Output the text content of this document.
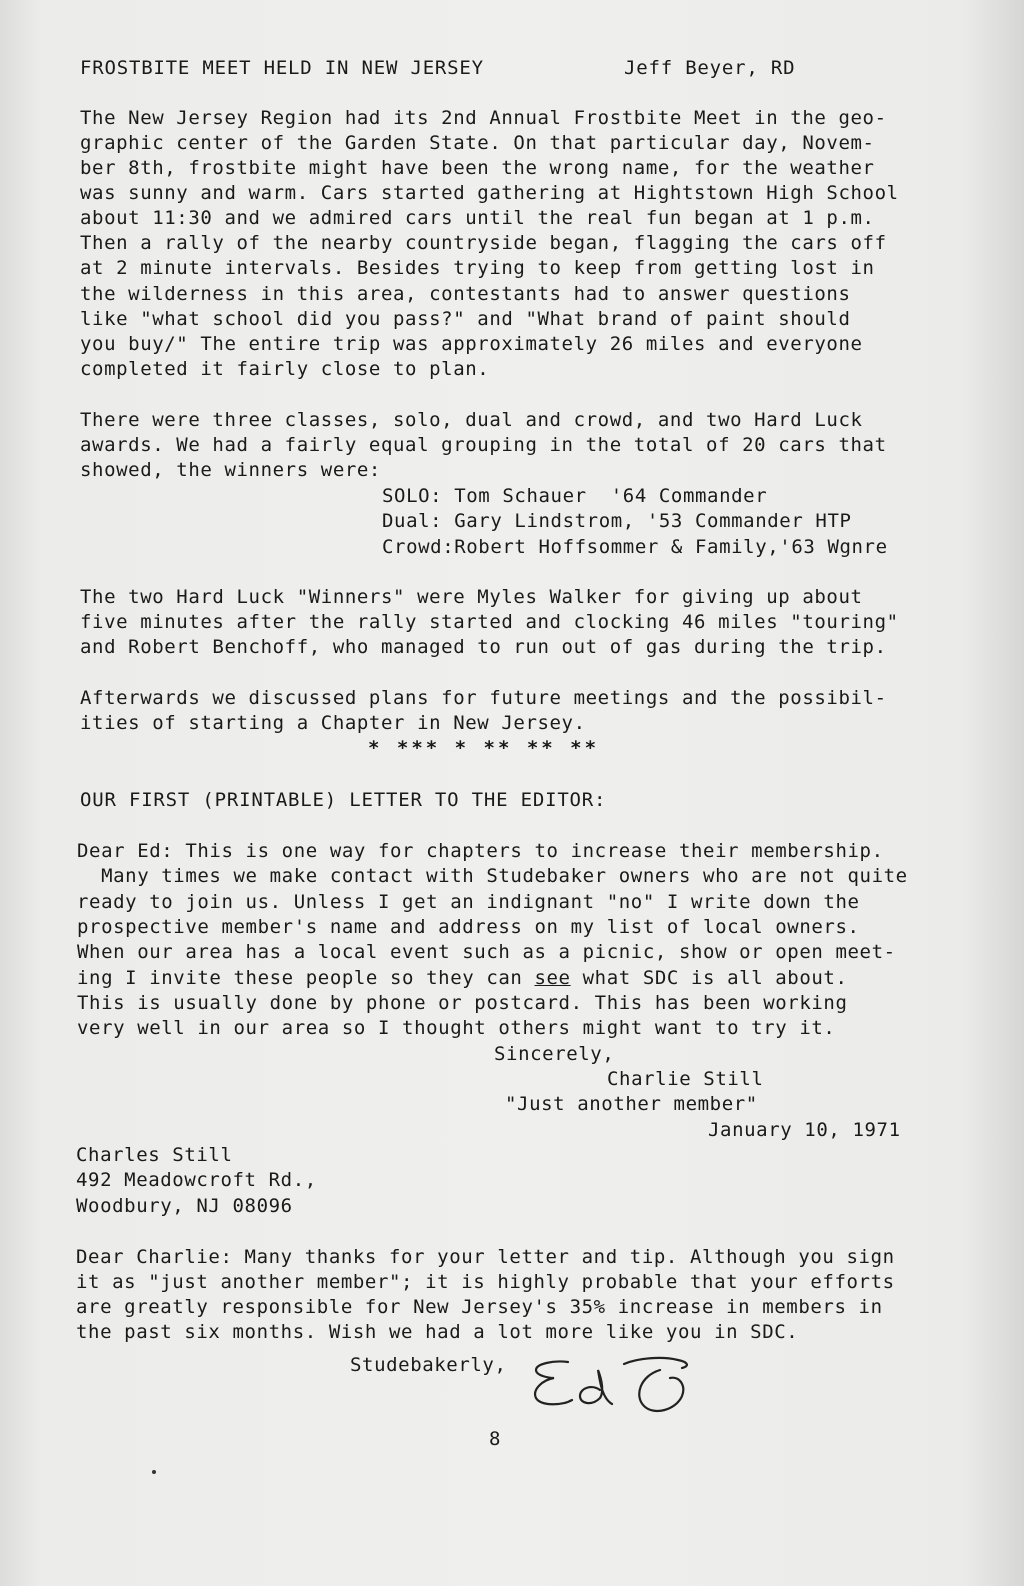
FROSTBITE MEET HELD IN NEW JERSEY	Jeff Beyer, RD
The New Jersey Region had its 2nd Annual Frostbite Meet in the geo-
graphic center of the Garden State. On that particular day, Novem-
ber 8th, frostbite might have been the wrong name, for the weather
was sunny and warm. Cars started gathering at Hightstown High School
about 11:30 and we admired cars until the real fun began at 1 p.m.
Then a rally of the nearby countryside began, flagging the cars off
at 2 minute intervals. Besides trying to keep from getting lost in
the wilderness in this area, contestants had to answer questions
like "what school did you pass?" and "What brand of paint should
you buy/" The entire trip was approximately 26 miles and everyone
completed it fairly close to plan.
There were three classes, solo, dual and crowd, and two Hard Luck
awards. We had a fairly equal grouping in the total of 20 cars that
showed, the winners were:
SOLO: Tom Schauer  '64 Commander
Dual: Gary Lindstrom, '53 Commander HTP
Crowd:Robert Hoffsommer & Family,'63 Wgnre
The two Hard Luck "Winners" were Myles Walker for giving up about
five minutes after the rally started and clocking 46 miles "touring"
and Robert Benchoff, who managed to run out of gas during the trip.
Afterwards we discussed plans for future meetings and the possibil-
ities of starting a Chapter in New Jersey.
* *** * ** ** **
OUR FIRST (PRINTABLE) LETTER TO THE EDITOR:
Dear Ed: This is one way for chapters to increase their membership.
Many times we make contact with Studebaker owners who are not quite
ready to join us. Unless I get an indignant "no" I write down the
prospective member's name and address on my list of local owners.
When our area has a local event such as a picnic, show or open meet-
ing I invite these people so they can see what SDC is all about.
This is usually done by phone or postcard. This has been working
very well in our area so I thought others might want to try it.
Sincerely,
Charlie Still
"Just another member"
January 10, 1971
Charles Still
492 Meadowcroft Rd.,
Woodbury, NJ 08096
Dear Charlie: Many thanks for your letter and tip. Although you sign
it as "just another member"; it is highly probable that your efforts
are greatly responsible for New Jersey's 35% increase in members in
the past six months. Wish we had a lot more like you in SDC.
Studebakerly,
8
